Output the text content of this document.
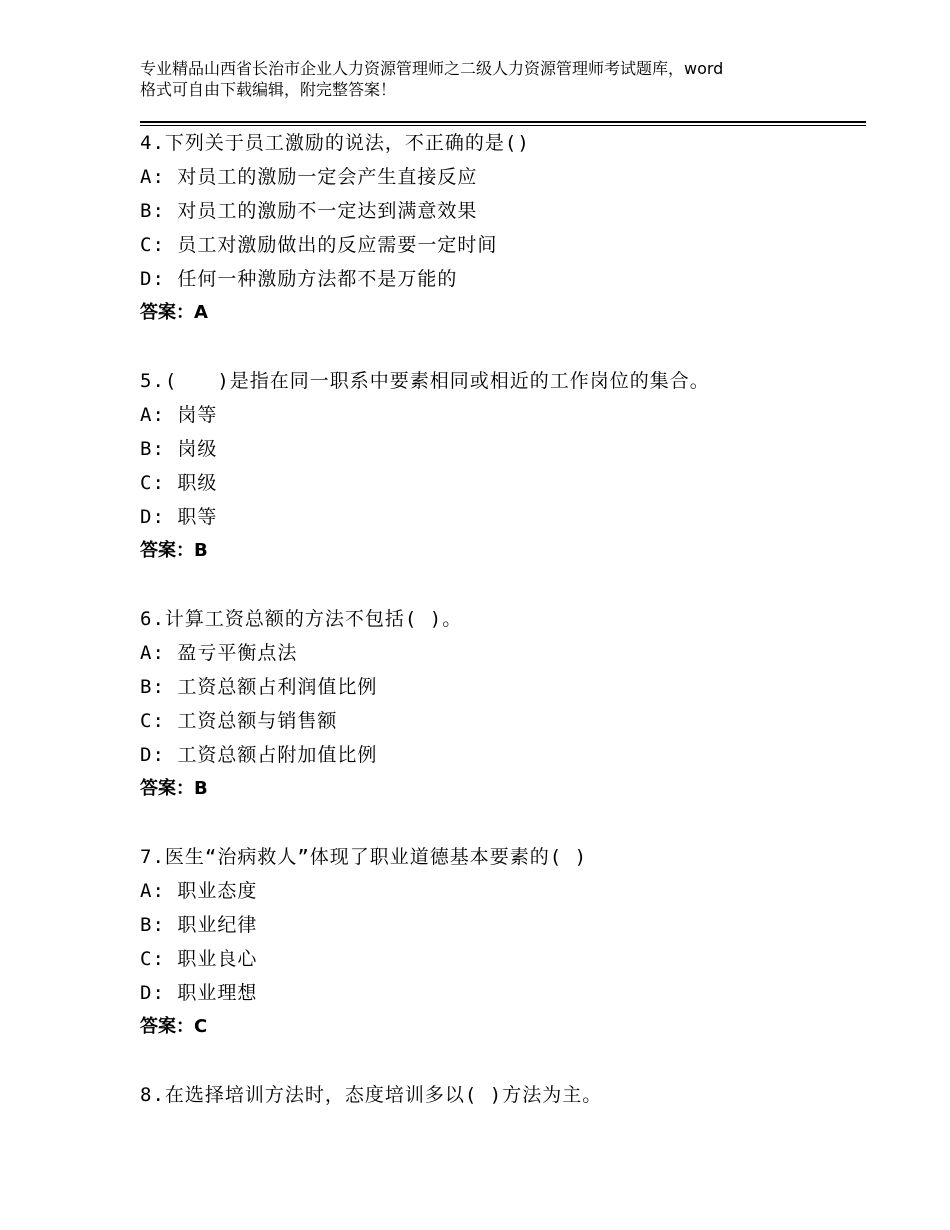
专业精品山西省长治市企业人力资源管理师之二级人力资源管理师考试题库，word
格式可自由下载编辑，附完整答案！
4.下列关于员工激励的说法，不正确的是()
A: 对员工的激励一定会产生直接反应
B: 对员工的激励不一定达到满意效果
C: 员工对激励做出的反应需要一定时间
D: 任何一种激励方法都不是万能的
答案：A
5.(　　)是指在同一职系中要素相同或相近的工作岗位的集合。
A: 岗等
B: 岗级
C: 职级
D: 职等
答案：B
6.计算工资总额的方法不包括( )。
A: 盈亏平衡点法
B: 工资总额占利润值比例
C: 工资总额与销售额
D: 工资总额占附加值比例
答案：B
7.医生“治病救人”体现了职业道德基本要素的( )
A: 职业态度
B: 职业纪律
C: 职业良心
D: 职业理想
答案：C
8.在选择培训方法时，态度培训多以( )方法为主。
